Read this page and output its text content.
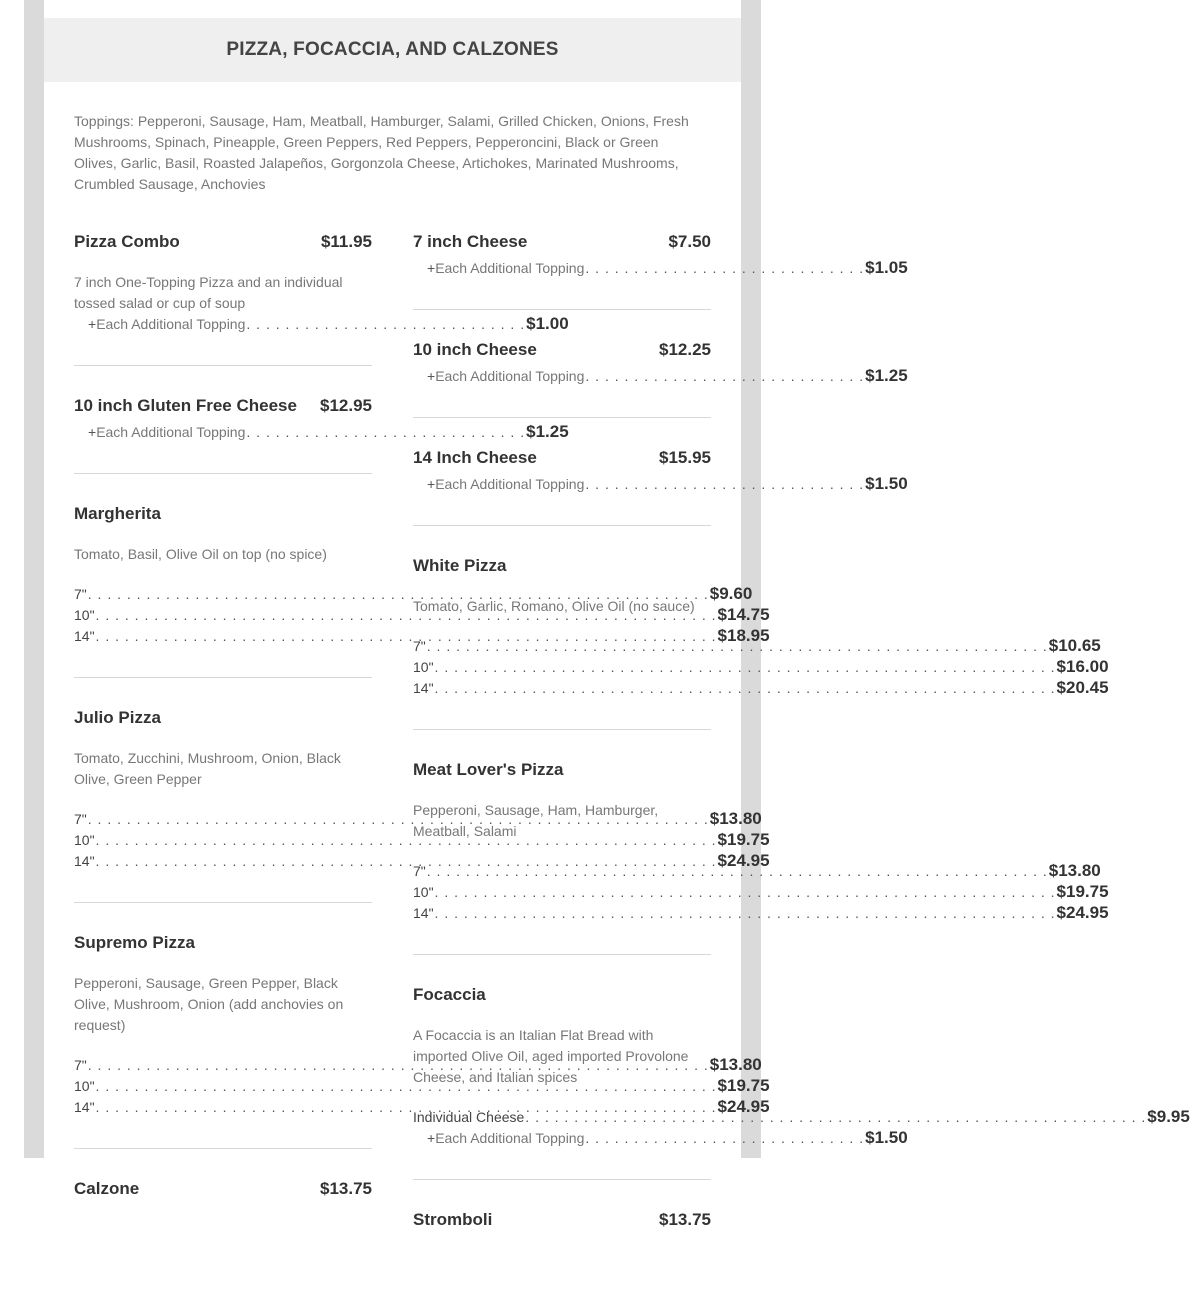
PIZZA, FOCACCIA, AND CALZONES

Toppings: Pepperoni, Sausage, Ham, Meatball, Hamburger, Salami, Grilled Chicken, Onions, Fresh Mushrooms, Spinach, Pineapple, Green Peppers, Red Peppers, Pepperoncini, Black or Green Olives, Garlic, Basil, Roasted Jalapeños, Gorgonzola Cheese, Artichokes, Marinated Mushrooms, Crumbled Sausage, Anchovies

Pizza Combo	$11.95

7 inch One-Topping Pizza and an individual tossed salad or cup of soup

+ Each Additional Topping . . .	$1.00
10 inch Gluten Free Cheese $12.95
+ Each Additional Topping . . .	$1.25
Margherita

Tomato, Basil, Olive Oil on top (no spice)

7" . . .	$9.60
10" . . .	$14.75
14" . . .	$18.95
Julio Pizza

Tomato, Zucchini, Mushroom, Onion, Black Olive, Green Pepper

7" . . .	$13.80
10" . . .	$19.75
14" . . .	$24.95
Supremo Pizza

Pepperoni, Sausage, Green Pepper, Black Olive, Mushroom, Onion (add anchovies on request)

7" . . .	$13.80
10" . . .	$19.75
14" . . .	$24.95
Calzone	$13.75
7 inch Cheese	$7.50
+ Each Additional Topping . . .	$1.05
10 inch Cheese	$12.25
+ Each Additional Topping . . .	$1.25
14 Inch Cheese	$15.95
+ Each Additional Topping . . .	$1.50
White Pizza

Tomato, Garlic, Romano, Olive Oil (no sauce)

7" . . .	$10.65
10" . . .	$16.00
14" . . .	$20.45
Meat Lover's Pizza

Pepperoni, Sausage, Ham, Hamburger, Meatball, Salami

7" . . .	$13.80
10" . . .	$19.75
14" . . .	$24.95
Focaccia

A Focaccia is an Italian Flat Bread with imported Olive Oil, aged imported Provolone Cheese, and Italian spices

Individual Cheese . . .	$9.95
+ Each Additional Topping . . .	$1.50
Stromboli	$13.75
